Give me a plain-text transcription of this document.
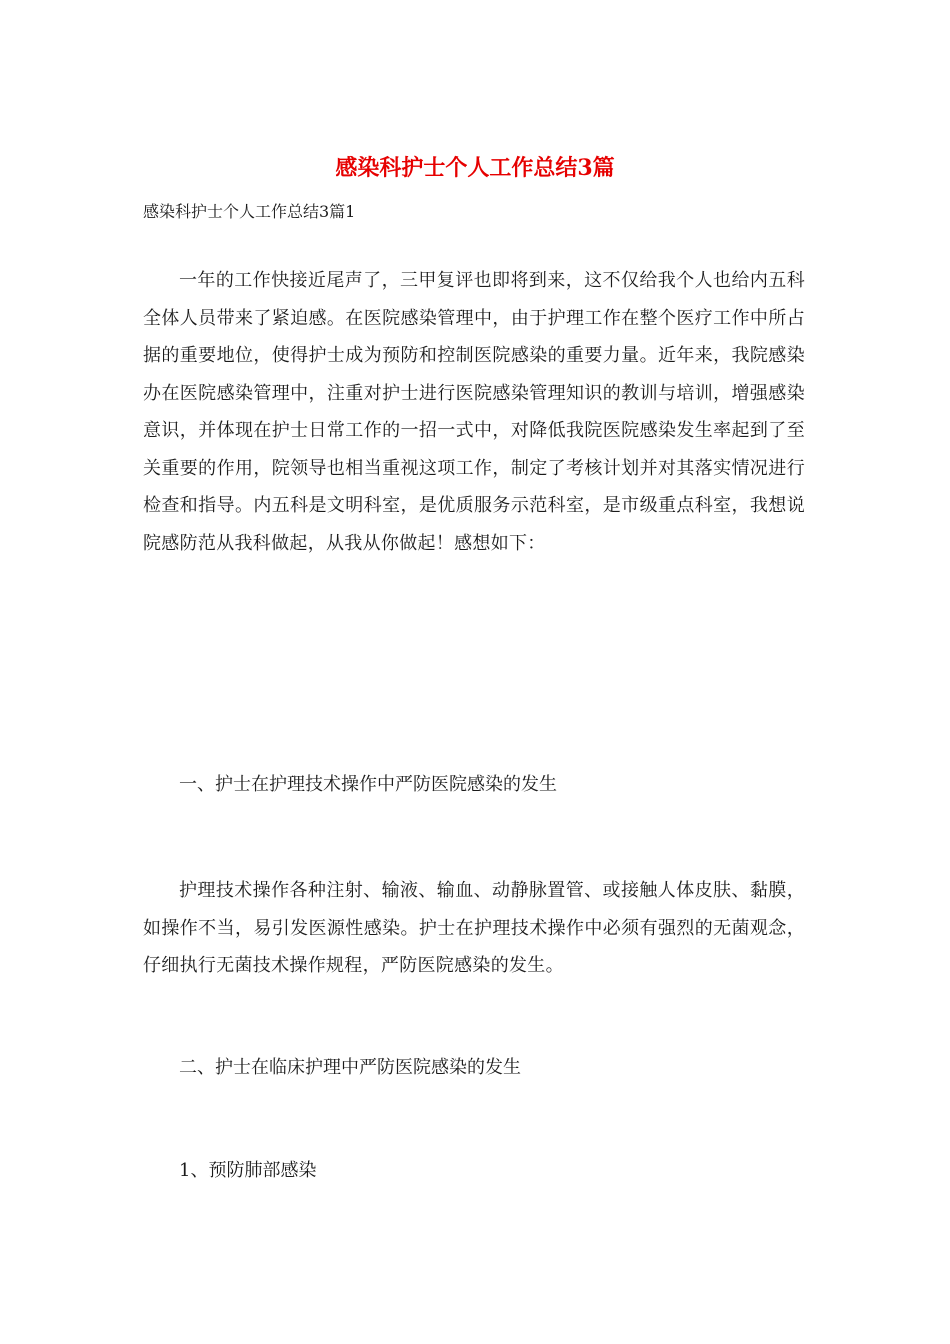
感染科护士个人工作总结3篇

感染科护士个人工作总结3篇1

一年的工作快接近尾声了，三甲复评也即将到来，这不仅给我个人也给内五科全体人员带来了紧迫感。在医院感染管理中，由于护理工作在整个医疗工作中所占据的重要地位，使得护士成为预防和控制医院感染的重要力量。近年来，我院感染办在医院感染管理中，注重对护士进行医院感染管理知识的教训与培训，增强感染意识，并体现在护士日常工作的一招一式中，对降低我院医院感染发生率起到了至关重要的作用，院领导也相当重视这项工作，制定了考核计划并对其落实情况进行检查和指导。内五科是文明科室，是优质服务示范科室，是市级重点科室，我想说院感防范从我科做起，从我从你做起！感想如下：

一、护士在护理技术操作中严防医院感染的发生

护理技术操作各种注射、输液、输血、动静脉置管、或接触人体皮肤、黏膜，如操作不当，易引发医源性感染。护士在护理技术操作中必须有强烈的无菌观念，仔细执行无菌技术操作规程，严防医院感染的发生。

二、护士在临床护理中严防医院感染的发生

1、预防肺部感染
